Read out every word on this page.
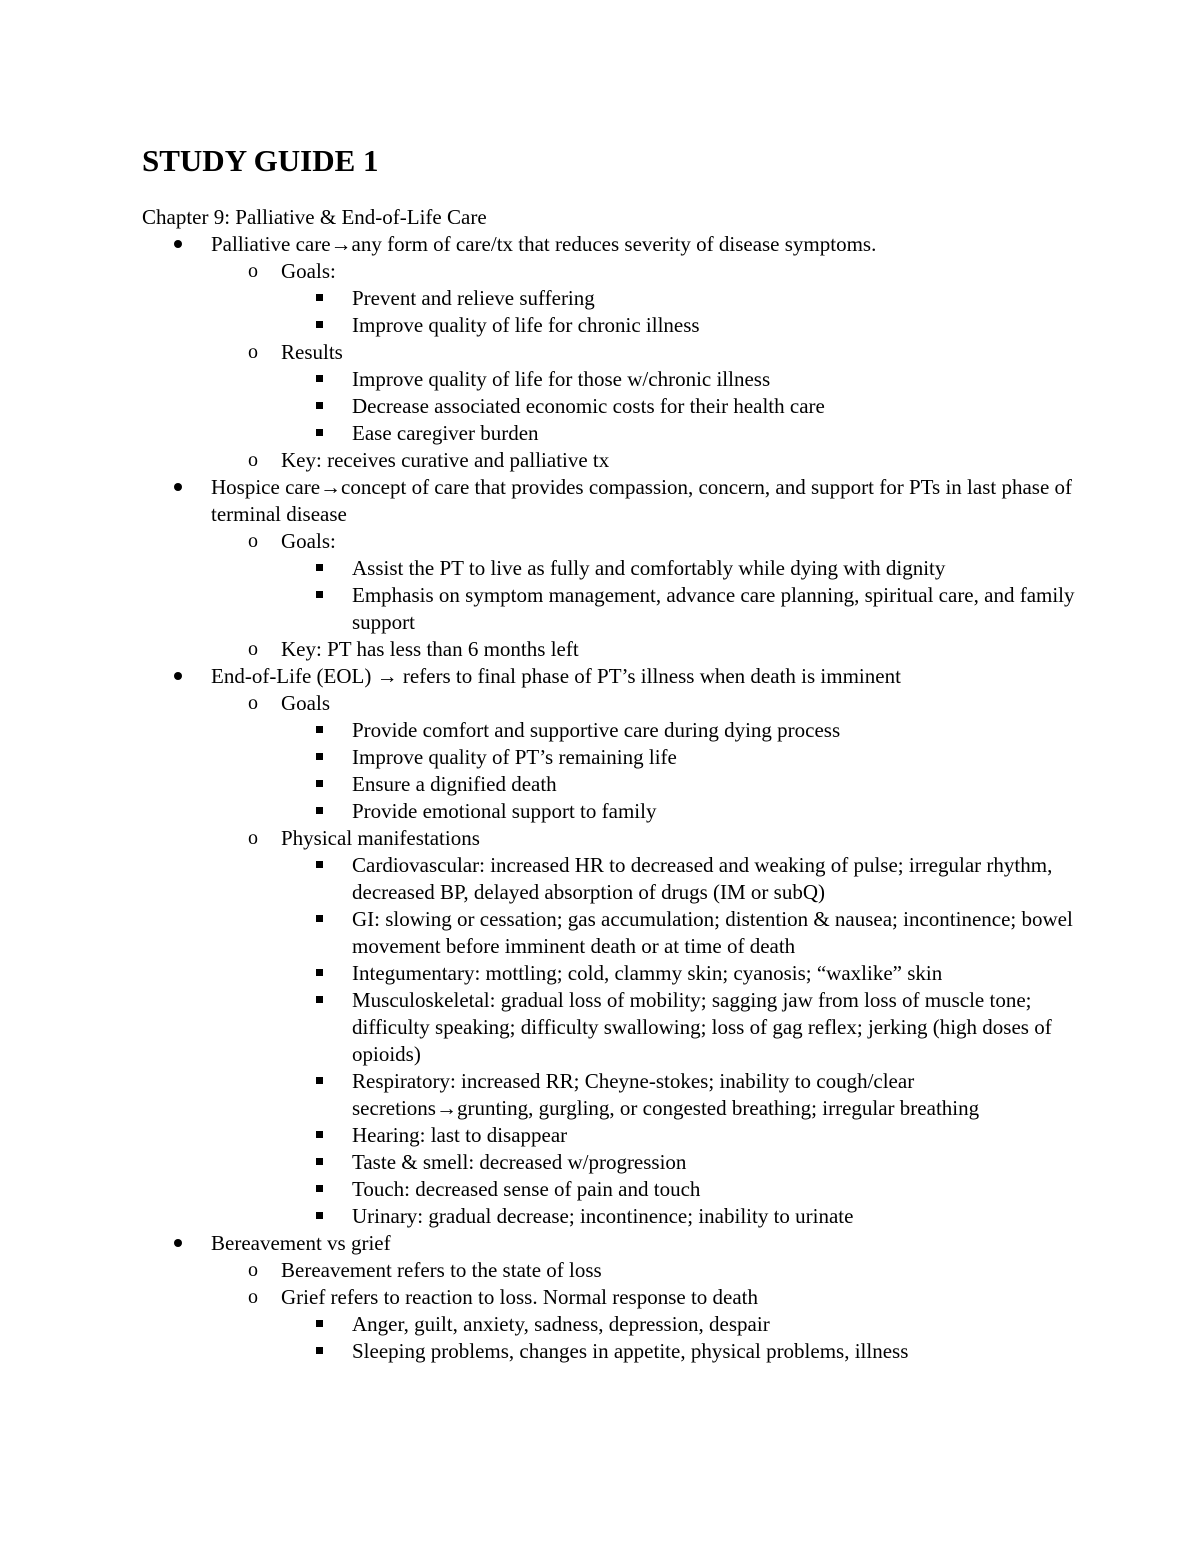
STUDY GUIDE 1
Chapter 9: Palliative & End-of-Life Care
Palliative care→any form of care/tx that reduces severity of disease symptoms.
o Goals:
Prevent and relieve suffering
Improve quality of life for chronic illness
o Results
Improve quality of life for those w/chronic illness
Decrease associated economic costs for their health care
Ease caregiver burden
o Key: receives curative and palliative tx
Hospice care→concept of care that provides compassion, concern, and support for PTs in last phase of terminal disease
o Goals:
Assist the PT to live as fully and comfortably while dying with dignity
Emphasis on symptom management, advance care planning, spiritual care, and family support
o Key: PT has less than 6 months left
End-of-Life (EOL) → refers to final phase of PT’s illness when death is imminent
o Goals
Provide comfort and supportive care during dying process
Improve quality of PT’s remaining life
Ensure a dignified death
Provide emotional support to family
o Physical manifestations
Cardiovascular: increased HR to decreased and weaking of pulse; irregular rhythm, decreased BP, delayed absorption of drugs (IM or subQ)
GI: slowing or cessation; gas accumulation; distention & nausea; incontinence; bowel movement before imminent death or at time of death
Integumentary: mottling; cold, clammy skin; cyanosis; “waxlike” skin
Musculoskeletal: gradual loss of mobility; sagging jaw from loss of muscle tone; difficulty speaking; difficulty swallowing; loss of gag reflex; jerking (high doses of opioids)
Respiratory: increased RR; Cheyne-stokes; inability to cough/clear secretions→grunting, gurgling, or congested breathing; irregular breathing
Hearing: last to disappear
Taste & smell: decreased w/progression
Touch: decreased sense of pain and touch
Urinary: gradual decrease; incontinence; inability to urinate
Bereavement vs grief
o Bereavement refers to the state of loss
o Grief refers to reaction to loss. Normal response to death
Anger, guilt, anxiety, sadness, depression, despair
Sleeping problems, changes in appetite, physical problems, illness
